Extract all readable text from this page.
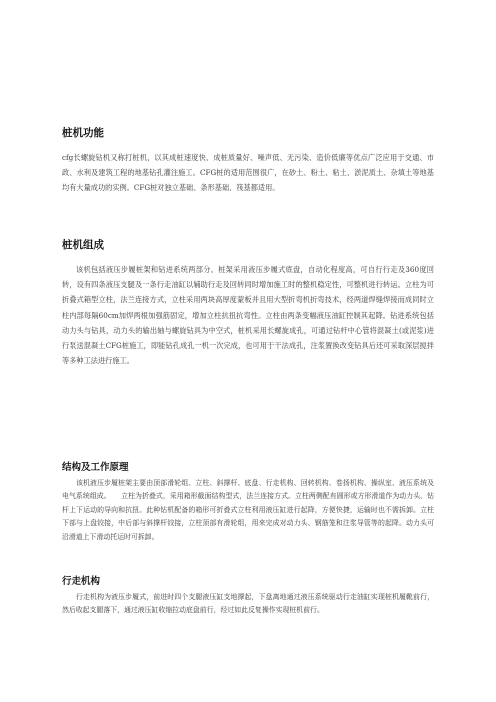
桩机功能

cfg长螺旋钻机又称打桩机，以其成桩速度快、成桩质量好、噪声低、无污染、造价低廉等优点广泛应用于交通、市政、水利及建筑工程的地基钻孔灌注施工。CFG桩的适用范围很广，在砂土、粉土、粘土、淤泥质土、杂填土等地基均有大量成功的实例。CFG桩对独立基础、条形基础、筏基都适用。

桩机组成

该机包括液压步履桩架和钻进系统两部分。桩架采用液压步履式底盘，自动化程度高，可自行行走及360度回转，设有四条液压支腿及一条行走油缸以辅助行走及回转同时增加施工时的整机稳定性，可整机进行转运。立柱为可折叠式箱型立柱，法兰连接方式，立柱采用两块高厚度蒙板并且用大型折弯机折弯技术，经两道焊缝焊接而成同时立柱内部每隔60cm加焊两根加强筋固定，增加立柱抗扭抗弯性。立柱由两条变幅液压油缸控制其起降。钻进系统包括动力头与钻具，动力头的输出轴与螺旋钻具为中空式，桩机采用长螺旋成孔，可通过钻杆中心管将混凝土(或泥浆)进行泵送混凝土CFG桩施工，即能钻孔成孔一机一次完成，也可用于干法成孔，注浆置换改变钻具后还可采取深层搅拌等多种工法进行施工。

结构及工作原理

该机液压步履桩架主要由顶部滑轮组、立柱、斜撑杆、底盘、行走机构、回转机构、卷扬机构、操纵室、液压系统及电气系统组成。　　立柱为折叠式，采用箱形截面结构型式，法兰连接方式。立柱两侧配有圆形或方形滑道作为动力头、钻杆上下运动的导向和抗扭。此种钻机配备的箱形可折叠式立柱利用液压缸进行起降，方便快捷，运输时也不需拆卸。立柱下部与上盘铰接，中后部与斜撑杆铰接，立柱顶部有滑轮组，用来完成对动力头、钢筋笼和注浆导管等的起降。动力头可沿滑道上下滑动托运时可拆卸。

行走机构

行走机构为液压步履式，前进时四个支腿液压缸支地撑起，下盘离地通过液压系统驱动行走油缸实现桩机履靴前行，然后收起支腿落下，通过液压缸收缩拉动底盘前行，经过如此反复操作实现桩机前行。
